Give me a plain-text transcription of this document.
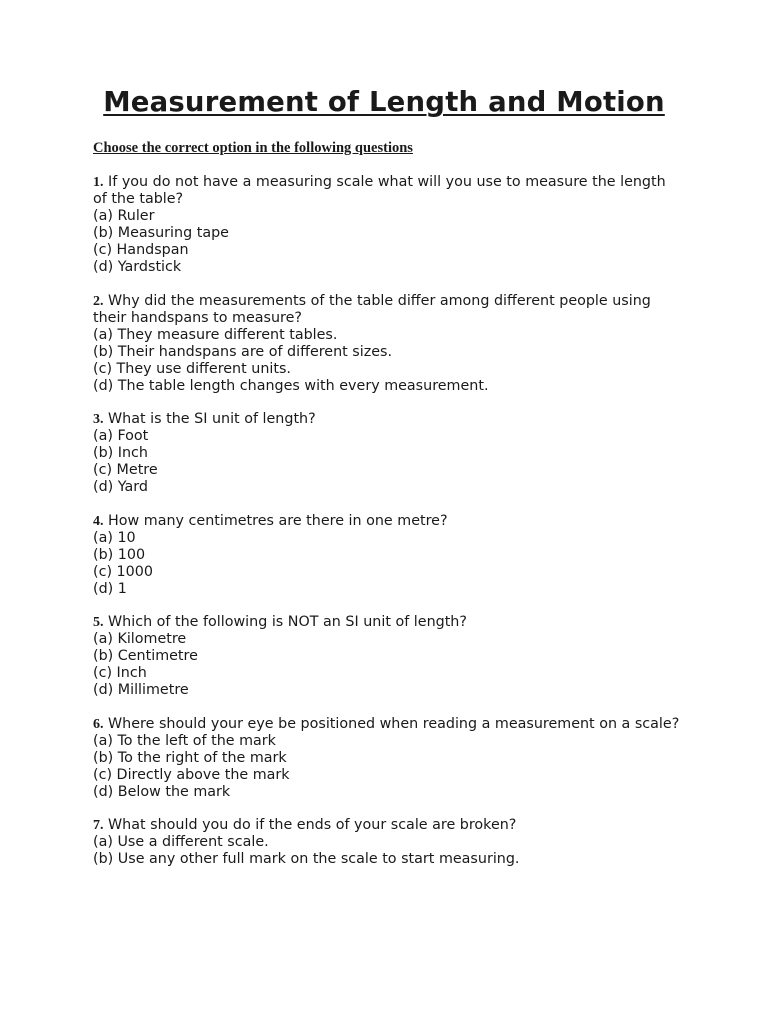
Measurement of Length and Motion

Choose the correct option in the following questions

1. If you do not have a measuring scale what will you use to measure the length of the table?

(a) Ruler

(b) Measuring tape

(c) Handspan

(d) Yardstick

2. Why did the measurements of the table differ among different people using their handspans to measure?

(a) They measure different tables.

(b) Their handspans are of different sizes.

(c) They use different units.

(d) The table length changes with every measurement.

3. What is the SI unit of length?

(a) Foot

(b) Inch

(c) Metre

(d) Yard

4. How many centimetres are there in one metre?

(a) 10

(b) 100

(c) 1000

(d) 1

5. Which of the following is NOT an SI unit of length?

(a) Kilometre

(b) Centimetre

(c) Inch

(d) Millimetre

6. Where should your eye be positioned when reading a measurement on a scale?

(a) To the left of the mark

(b) To the right of the mark

(c) Directly above the mark

(d) Below the mark

7. What should you do if the ends of your scale are broken?

(a) Use a different scale.

(b) Use any other full mark on the scale to start measuring.
